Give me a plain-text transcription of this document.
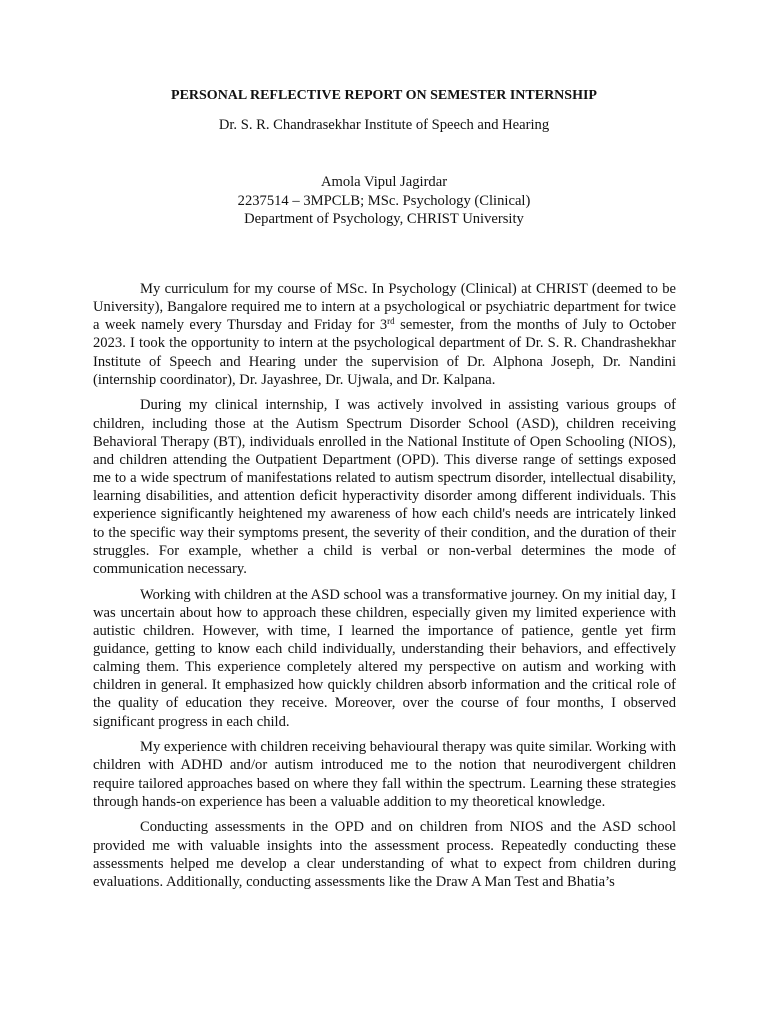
PERSONAL REFLECTIVE REPORT ON SEMESTER INTERNSHIP
Dr. S. R. Chandrasekhar Institute of Speech and Hearing
Amola Vipul Jagirdar
2237514 – 3MPCLB; MSc. Psychology (Clinical)
Department of Psychology, CHRIST University

My curriculum for my course of MSc. In Psychology (Clinical) at CHRIST (deemed to be University), Bangalore required me to intern at a psychological or psychiatric department for twice a week namely every Thursday and Friday for 3rd semester, from the months of July to October 2023. I took the opportunity to intern at the psychological department of Dr. S. R. Chandrashekhar Institute of Speech and Hearing under the supervision of Dr. Alphona Joseph, Dr. Nandini (internship coordinator), Dr. Jayashree, Dr. Ujwala, and Dr. Kalpana.

During my clinical internship, I was actively involved in assisting various groups of children, including those at the Autism Spectrum Disorder School (ASD), children receiving Behavioral Therapy (BT), individuals enrolled in the National Institute of Open Schooling (NIOS), and children attending the Outpatient Department (OPD). This diverse range of settings exposed me to a wide spectrum of manifestations related to autism spectrum disorder, intellectual disability, learning disabilities, and attention deficit hyperactivity disorder among different individuals. This experience significantly heightened my awareness of how each child's needs are intricately linked to the specific way their symptoms present, the severity of their condition, and the duration of their struggles. For example, whether a child is verbal or non-verbal determines the mode of communication necessary.

Working with children at the ASD school was a transformative journey. On my initial day, I was uncertain about how to approach these children, especially given my limited experience with autistic children. However, with time, I learned the importance of patience, gentle yet firm guidance, getting to know each child individually, understanding their behaviors, and effectively calming them. This experience completely altered my perspective on autism and working with children in general. It emphasized how quickly children absorb information and the critical role of the quality of education they receive. Moreover, over the course of four months, I observed significant progress in each child.

My experience with children receiving behavioural therapy was quite similar. Working with children with ADHD and/or autism introduced me to the notion that neurodivergent children require tailored approaches based on where they fall within the spectrum. Learning these strategies through hands-on experience has been a valuable addition to my theoretical knowledge.

Conducting assessments in the OPD and on children from NIOS and the ASD school provided me with valuable insights into the assessment process. Repeatedly conducting these assessments helped me develop a clear understanding of what to expect from children during evaluations. Additionally, conducting assessments like the Draw A Man Test and Bhatia’s
